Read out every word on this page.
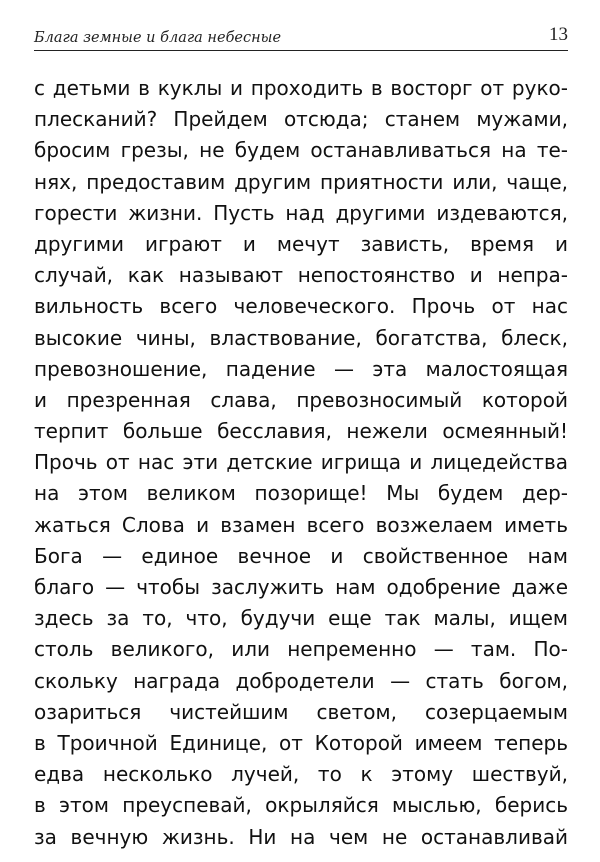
Блага земные и блага небесные	13
с детьми в куклы и проходить в восторг от руко-
плесканий? Прейдем отсюда; станем мужами,
бросим грезы, не будем останавливаться на те-
нях, предоставим другим приятности или, чаще,
горести жизни. Пусть над другими издеваются,
другими играют и мечут зависть, время и
случай, как называют непостоянство и непра-
вильность всего человеческого. Прочь от нас
высокие чины, властвование, богатства, блеск,
превозношение, падение — эта малостоящая
и презренная слава, превозносимый которой
терпит больше бесславия, нежели осмеянный!
Прочь от нас эти детские игрища и лицедейства
на этом великом позорище! Мы будем дер-
жаться Слова и взамен всего возжелаем иметь
Бога — единое вечное и свойственное нам
благо — чтобы заслужить нам одобрение даже
здесь за то, что, будучи еще так малы, ищем
столь великого, или непременно — там. По-
скольку награда добродетели — стать богом,
озариться чистейшим светом, созерцаемым
в Троичной Единице, от Которой имеем теперь
едва несколько лучей, то к этому шествуй,
в этом преуспевай, окрыляйся мыслью, берись
за вечную жизнь. Ни на чем не останавливай
